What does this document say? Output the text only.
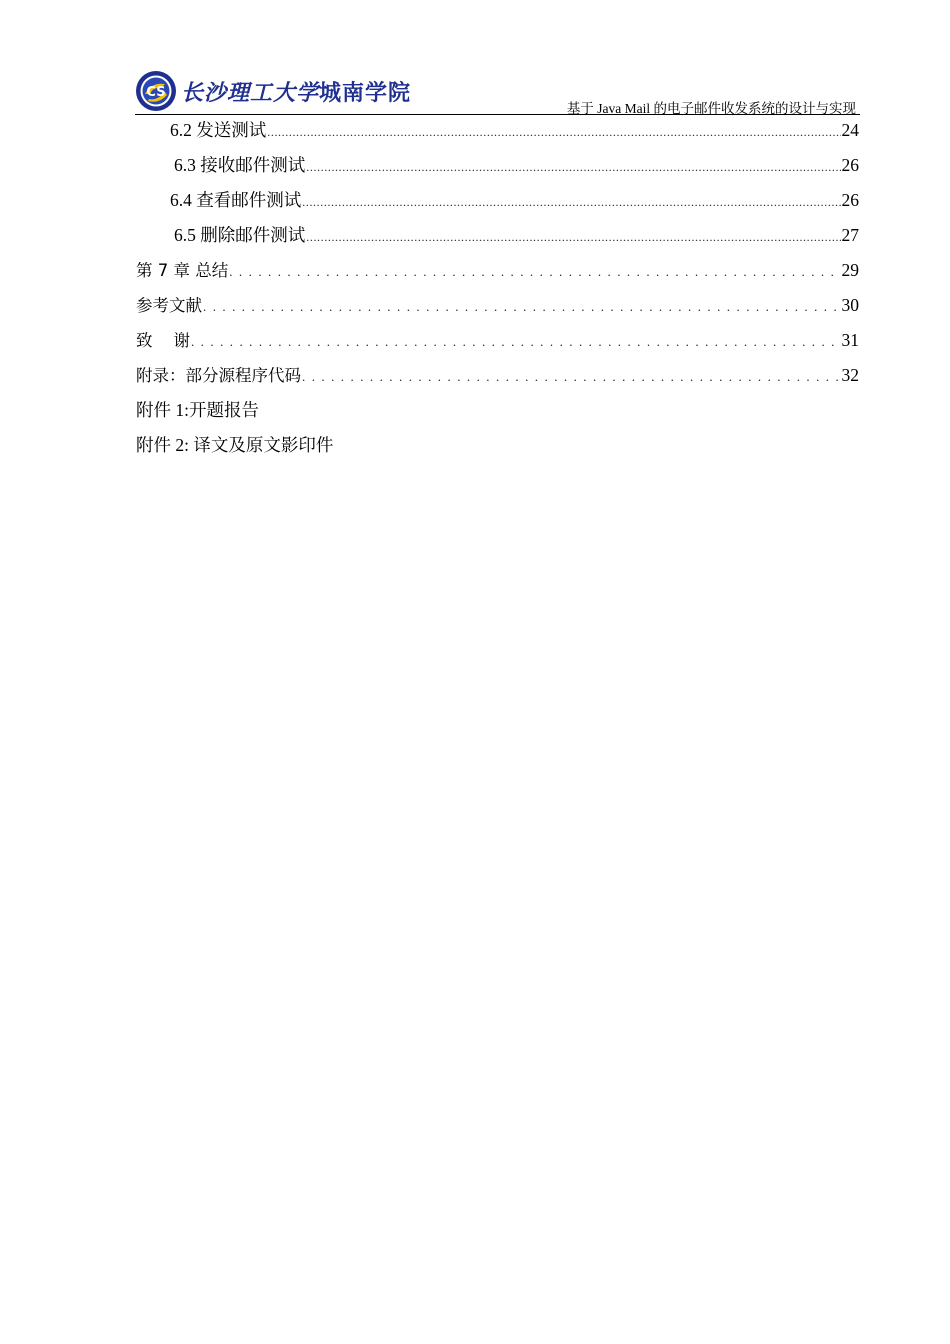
CS 长沙理工大学城南学院
基于 Java Mail 的电子邮件收发系统的设计与实现
6.2 发送测试 .....	24
6.3 接收邮件测试 .....	26
6.4 查看邮件测试 .....	26
6.5 删除邮件测试 .....	27
第 7 章 总结 . . .	29
参考文献 . . .	30
致    谢 . . .	31
附录：部分源程序代码 . . .	32
附件 1:开题报告
附件 2: 译文及原文影印件
